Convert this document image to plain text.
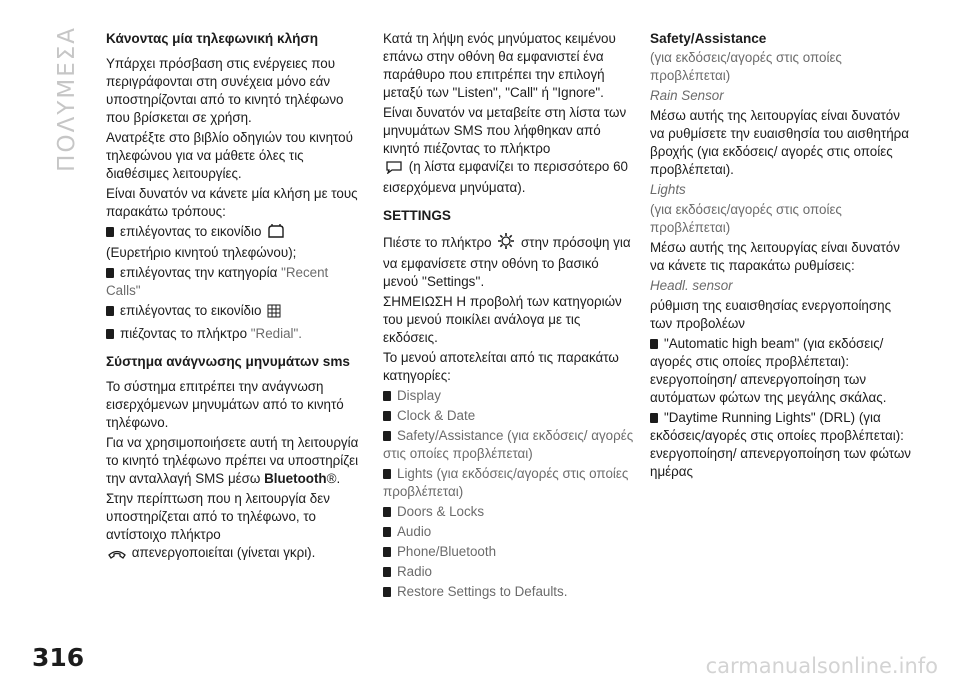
ΠΟΛΥΜΕΣΑ Κάνοντας μία τηλεφωνική κλήση

Υπάρχει πρόσβαση στις ενέργειες που περιγράφονται στη συνέχεια μόνο εάν υποστηρίζονται από το κινητό τηλέφωνο που βρίσκεται σε χρήση.

Ανατρέξτε στο βιβλίο οδηγιών του κινητού τηλεφώνου για να μάθετε όλες τις διαθέσιμες λειτουργίες.

Είναι δυνατόν να κάνετε μία κλήση με τους παρακάτω τρόπους:

επιλέγοντας το εικονίδιο
(Ευρετήριο κινητού τηλεφώνου);

επιλέγοντας την κατηγορία "Recent Calls"

επιλέγοντας το εικονίδιο

πιέζοντας το πλήκτρο "Redial".

Σύστημα ανάγνωσης μηνυμάτων sms

Το σύστημα επιτρέπει την ανάγνωση εισερχόμενων μηνυμάτων από το κινητό τηλέφωνο.

Για να χρησιμοποιήσετε αυτή τη λειτουργία το κινητό τηλέφωνο πρέπει να υποστηρίζει την ανταλλαγή SMS μέσω Bluetooth®.

Στην περίπτωση που η λειτουργία δεν υποστηρίζεται από το τηλέφωνο, το αντίστοιχο πλήκτρο
απενεργοποιείται (γίνεται γκρι).

Κατά τη λήψη ενός μηνύματος κειμένου επάνω στην οθόνη θα εμφανιστεί ένα παράθυρο που επιτρέπει την επιλογή μεταξύ των "Listen", "Call" ή "Ignore".

Είναι δυνατόν να μεταβείτε στη λίστα των μηνυμάτων SMS που λήφθηκαν από κινητό πιέζοντας το πλήκτρο
(η λίστα εμφανίζει το περισσότερο 60 εισερχόμενα μηνύματα).

SETTINGS

Πιέστε το πλήκτρο στην πρόσοψη για να εμφανίσετε στην οθόνη το βασικό μενού ''Settings''.

ΣΗΜΕΙΩΣΗ Η προβολή των κατηγοριών του μενού ποικίλει ανάλογα με τις εκδόσεις.

Το μενού αποτελείται από τις παρακάτω κατηγορίες:

Display

Clock & Date

Safety/Assistance (για εκδόσεις/ αγορές στις οποίες προβλέπεται)

Lights (για εκδόσεις/αγορές στις οποίες προβλέπεται)

Doors & Locks

Audio

Phone/Bluetooth

Radio

Restore Settings to Defaults.

Safety/Assistance

(για εκδόσεις/αγορές στις οποίες προβλέπεται)

Rain Sensor

Μέσω αυτής της λειτουργίας είναι δυνατόν να ρυθμίσετε την ευαισθησία του αισθητήρα βροχής (για εκδόσεις/ αγορές στις οποίες προβλέπεται).

Lights

(για εκδόσεις/αγορές στις οποίες προβλέπεται)

Μέσω αυτής της λειτουργίας είναι δυνατόν να κάνετε τις παρακάτω ρυθμίσεις:

Headl. sensor

ρύθμιση της ευαισθησίας ενεργοποίησης των προβολέων

"Automatic high beam" (για εκδόσεις/αγορές στις οποίες προβλέπεται): ενεργοποίηση/ απενεργοποίηση των αυτόματων φώτων της μεγάλης σκάλας.

"Daytime Running Lights" (DRL) (για εκδόσεις/αγορές στις οποίες προβλέπεται): ενεργοποίηση/ απενεργοποίηση των φώτων ημέρας

316	carmanualsonline.info
